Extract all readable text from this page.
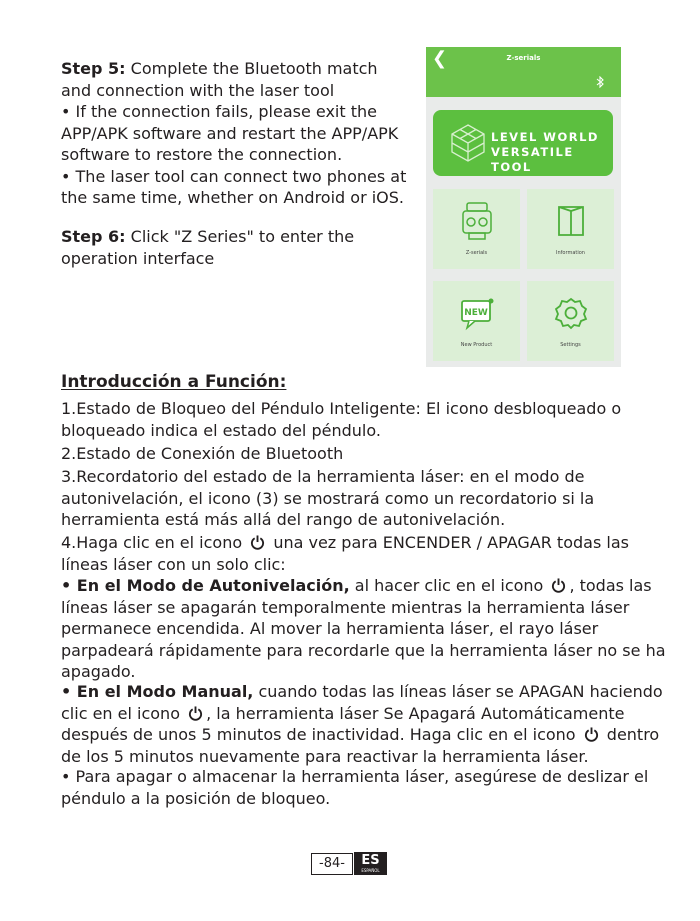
Step 5: Complete the Bluetooth match
and connection with the laser tool
• If the connection fails, please exit the
APP/APK software and restart the APP/APK
software to restore the connection.
• The laser tool can connect two phones at
the same time, whether on Android or iOS.

Step 6: Click "Z Series" to enter the
operation interface

❮	Z-serials
LEVEL WORLD
VERSATILE TOOL
Z-serials	Information
NEW
New Product	Settings
Introducción a Función:

1.Estado de Bloqueo del Péndulo Inteligente: El icono desbloqueado o
bloqueado indica el estado del péndulo.

2.Estado de Conexión de Bluetooth

3.Recordatorio del estado de la herramienta láser: en el modo de
autonivelación, el icono (3) se mostrará como un recordatorio si la
herramienta está más allá del rango de autonivelación.

4.Haga clic en el icono una vez para ENCENDER / APAGAR todas las
líneas láser con un solo clic:

• En el Modo de Autonivelación, al hacer clic en el icono , todas las
líneas láser se apagarán temporalmente mientras la herramienta láser
permanece encendida. Al mover la herramienta láser, el rayo láser
parpadeará rápidamente para recordarle que la herramienta láser no se ha
apagado.

• En el Modo Manual, cuando todas las líneas láser se APAGAN haciendo
clic en el icono , la herramienta láser Se Apagará Automáticamente
después de unos 5 minutos de inactividad. Haga clic en el icono dentro
de los 5 minutos nuevamente para reactivar la herramienta láser.

• Para apagar o almacenar la herramienta láser, asegúrese de deslizar el
péndulo a la posición de bloqueo.

-84-	ES
ESPAÑOL
